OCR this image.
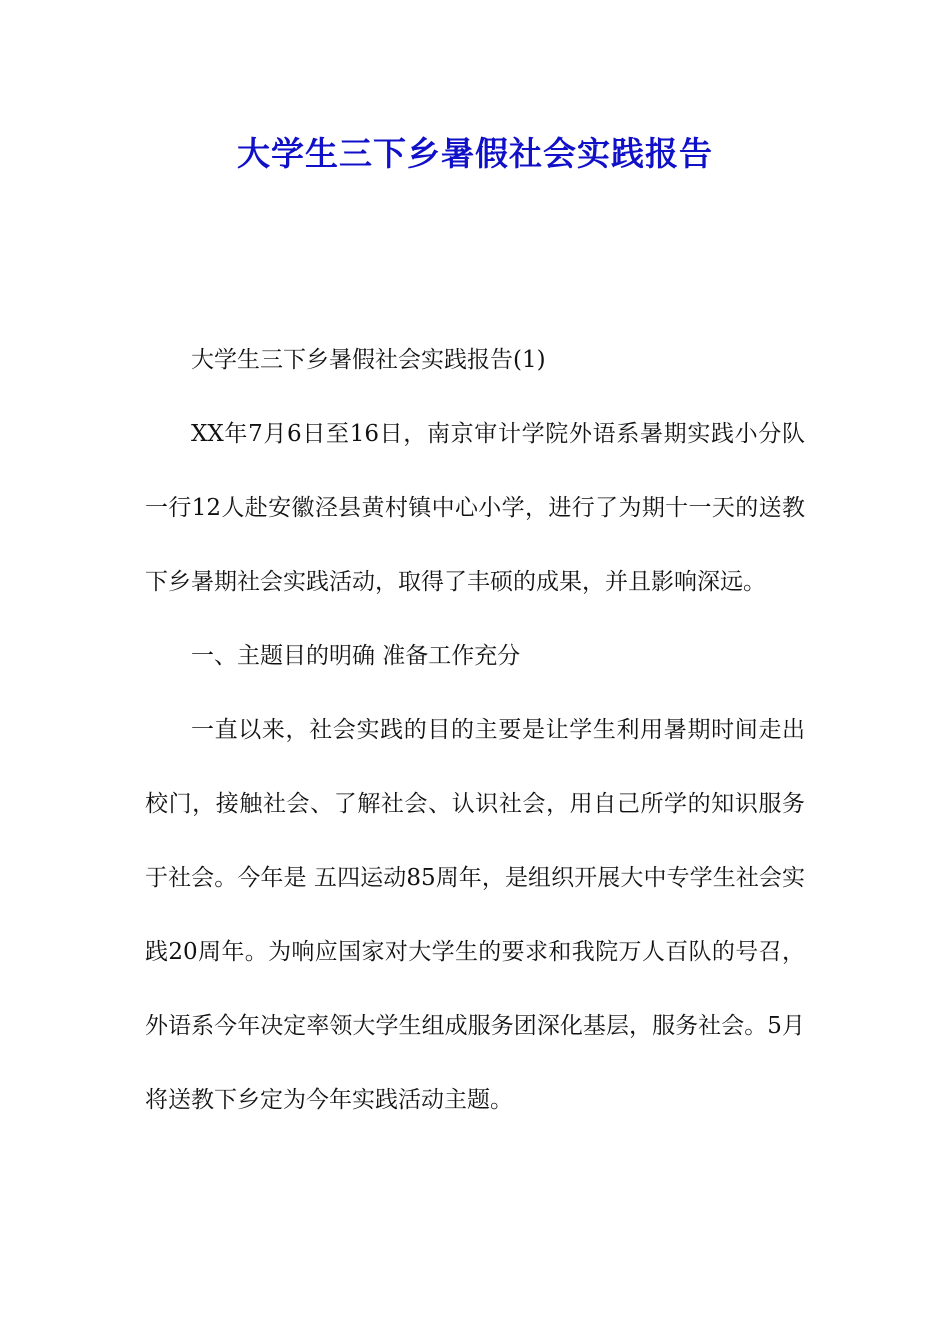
大学生三下乡暑假社会实践报告

大学生三下乡暑假社会实践报告(1)

XX年7月6日至16日，南京审计学院外语系暑期实践小分队一行12人赴安徽泾县黄村镇中心小学，进行了为期十一天的送教下乡暑期社会实践活动，取得了丰硕的成果，并且影响深远。

一、主题目的明确 准备工作充分

一直以来，社会实践的目的主要是让学生利用暑期时间走出校门，接触社会、了解社会、认识社会，用自己所学的知识服务于社会。今年是 五四运动85周年，是组织开展大中专学生社会实践20周年。为响应国家对大学生的要求和我院万人百队的号召，外语系今年决定率领大学生组成服务团深化基层，服务社会。5月将送教下乡定为今年实践活动主题。
